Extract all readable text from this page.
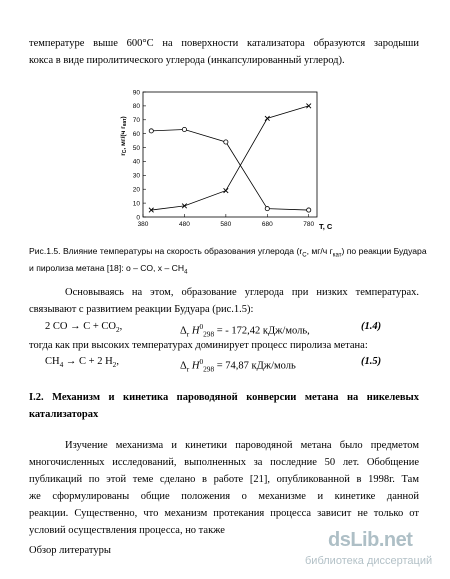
температуре выше 600°С на поверхности катализатора образуются зародыши
кокса в виде пиролитического углерода (инкапсулированный углерод).
0
10
20
30
40
50
60
70
80
90
380	480	580	680	780
rC, мг/(ч гкат)
T, C
Рис.1.5. Влияние температуры на скорость образования углерода ($r_C$, мг/ч $г_{кат}$) по реакции Будуара и пиролиза метана [18]: о – СО, х – $СН_4$
Основываясь на этом, образование углерода при низких температурах.
связывают с развитием реакции Будуара (рис.1.5):
2 CO → $C + CO_2$,	$\Delta_r$ $H^0_{298}$ = - 172,42 кДж/моль,	(1.4)
тогда как при высоких температурах доминирует процесс пиролиза метана:
$CH_4 \to C + 2$ $H_2$,	$\Delta_r$ $H^0_{298} = 74,87$ кДж/моль	(1.5)
I.2. Механизм и кинетика пароводяной конверсии метана на никелевых катализаторах
Изучение механизма и кинетики пароводяной метана было предметом
многочисленных исследований, выполненных за последние 50 лет. Обобщение
публикаций по этой теме сделано в работе [21], опубликованной в 1998г. Там
же сформулированы общие положения о механизме и кинетике данной
реакции. Существенно, что механизм протекания процесса зависит не только от
условий осуществления процесса, но также
Обзор литературы	dsLib.net
библиотека диссертаций
